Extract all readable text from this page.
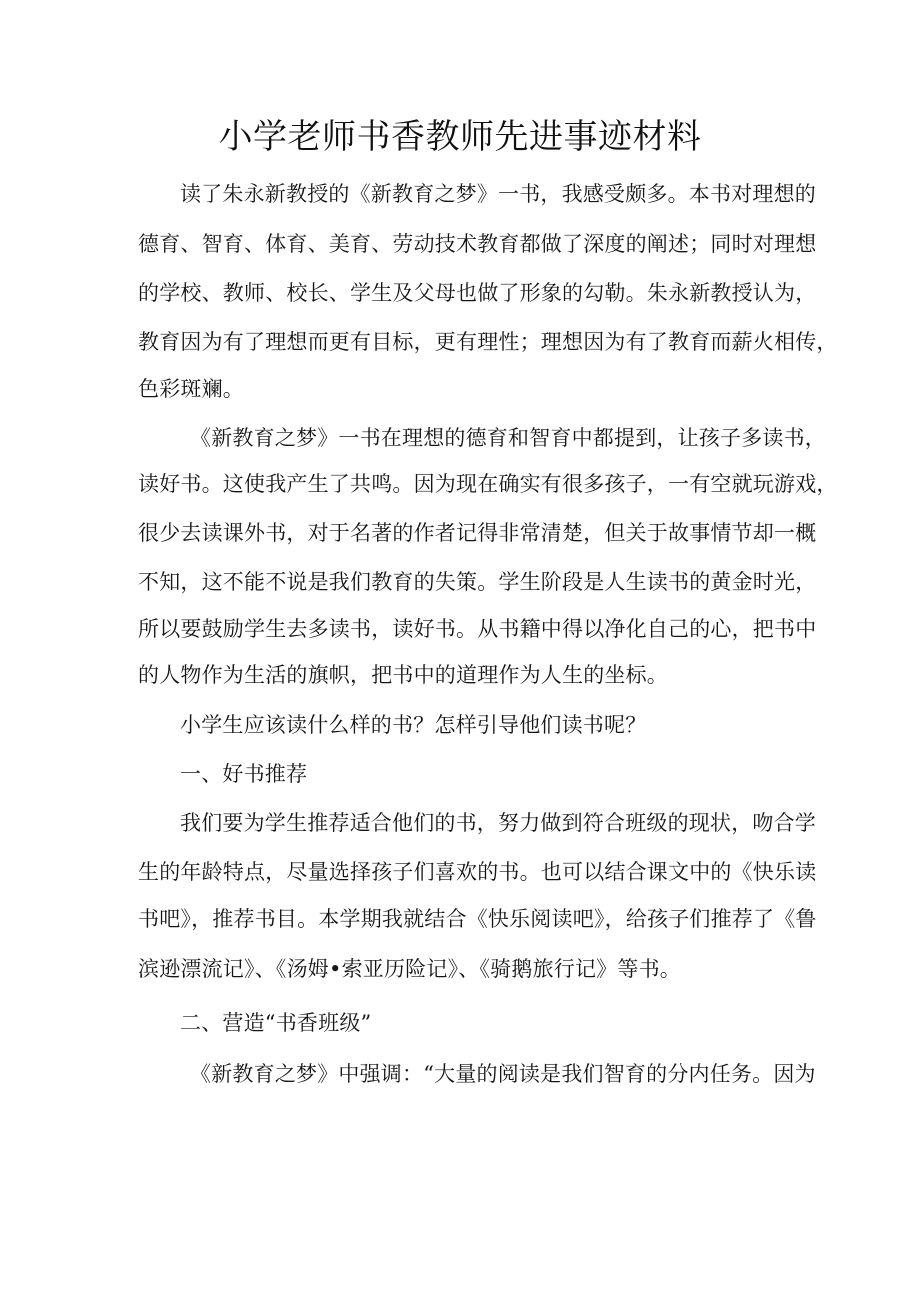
小学老师书香教师先进事迹材料

读了朱永新教授的《新教育之梦》一书，我感受颇多。本书对理想的

德育、智育、体育、美育、劳动技术教育都做了深度的阐述；同时对理想

的学校、教师、校长、学生及父母也做了形象的勾勒。朱永新教授认为，

教育因为有了理想而更有目标，更有理性；理想因为有了教育而薪火相传，

色彩斑斓。

《新教育之梦》一书在理想的德育和智育中都提到，让孩子多读书，

读好书。这使我产生了共鸣。因为现在确实有很多孩子，一有空就玩游戏，

很少去读课外书，对于名著的作者记得非常清楚，但关于故事情节却一概

不知，这不能不说是我们教育的失策。学生阶段是人生读书的黄金时光，

所以要鼓励学生去多读书，读好书。从书籍中得以净化自己的心，把书中

的人物作为生活的旗帜，把书中的道理作为人生的坐标。

小学生应该读什么样的书？怎样引导他们读书呢？

一、好书推荐

我们要为学生推荐适合他们的书，努力做到符合班级的现状，吻合学

生的年龄特点，尽量选择孩子们喜欢的书。也可以结合课文中的《快乐读

书吧》，推荐书目。本学期我就结合《快乐阅读吧》，给孩子们推荐了《鲁

滨逊漂流记》、《汤姆•索亚历险记》、《骑鹅旅行记》等书。

二、营造“书香班级”

《新教育之梦》中强调：“大量的阅读是我们智育的分内任务。因为
